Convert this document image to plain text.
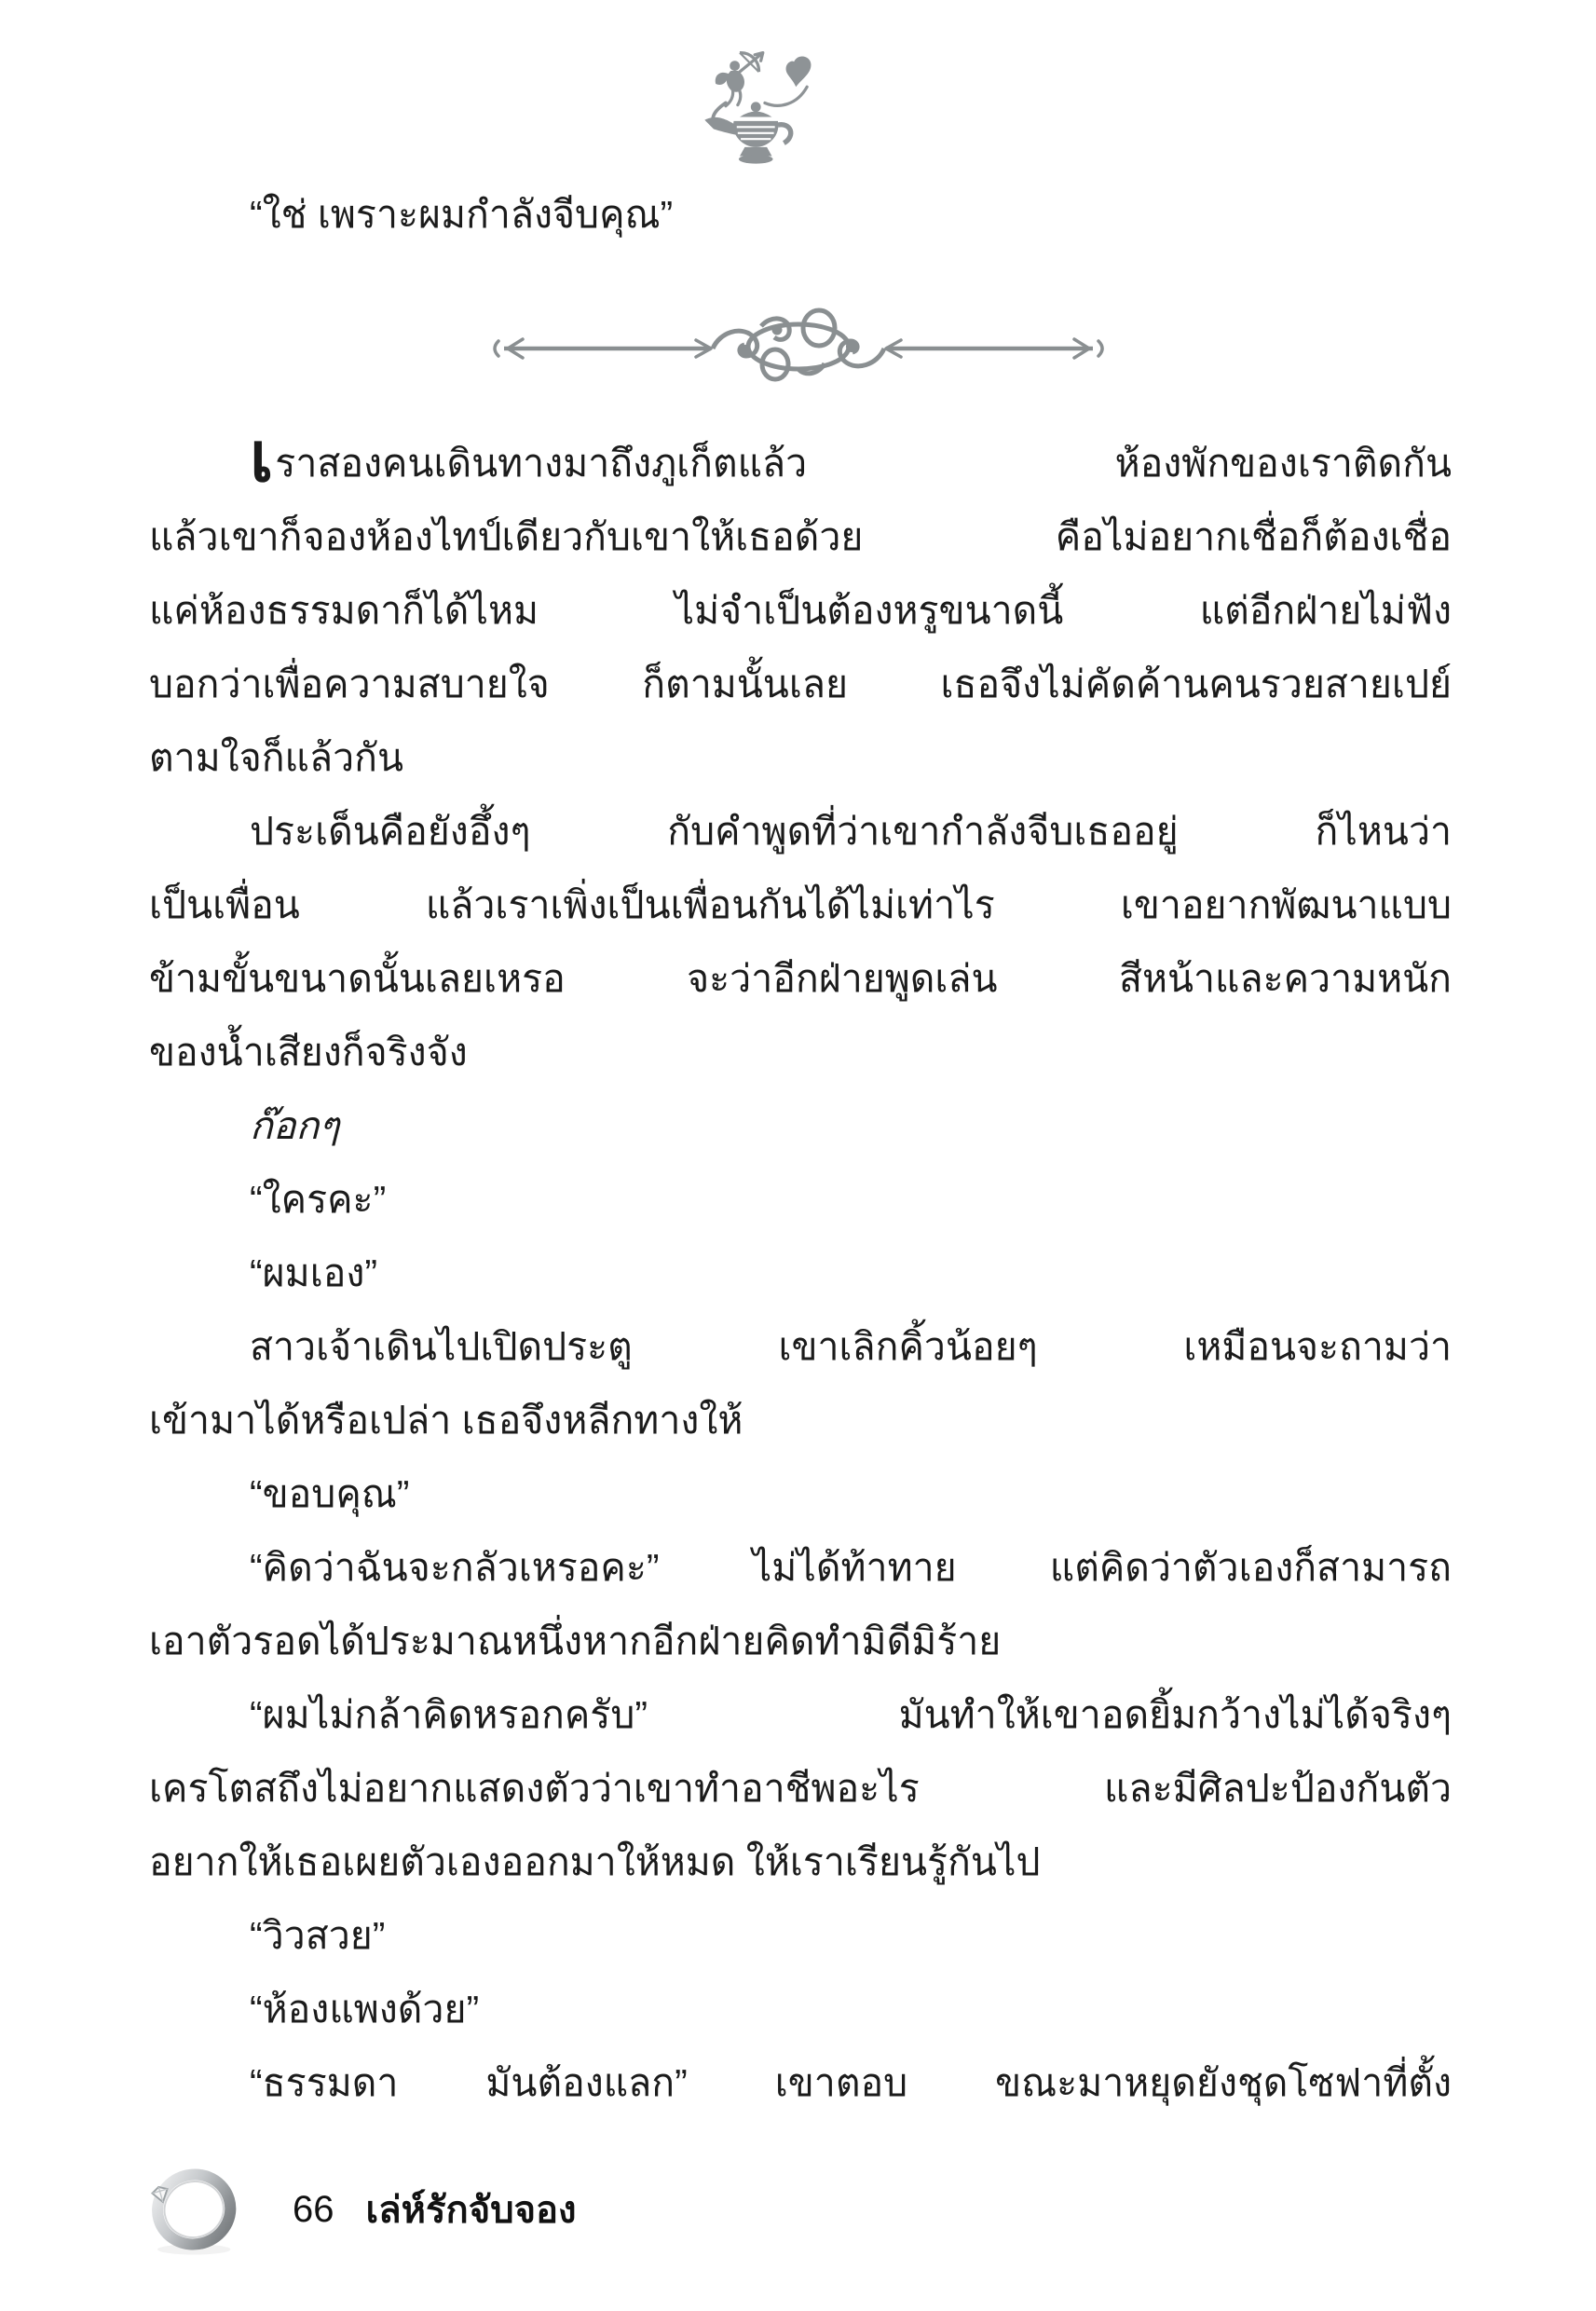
“ใช่ เพราะผมกำลังจีบคุณ”
เราสองคนเดินทางมาถึงภูเก็ตแล้ว ห้องพักของเราติดกัน
แล้วเขาก็จองห้องไทป์เดียวกับเขาให้เธอด้วย คือไม่อยากเชื่อก็ต้องเชื่อ
แค่ห้องธรรมดาก็ได้ไหม ไม่จำเป็นต้องหรูขนาดนี้ แต่อีกฝ่ายไม่ฟัง
บอกว่าเพื่อความสบายใจ ก็ตามนั้นเลย เธอจึงไม่คัดค้านคนรวยสายเปย์
ตามใจก็แล้วกัน
ประเด็นคือยังอึ้งๆ กับคำพูดที่ว่าเขากำลังจีบเธออยู่ ก็ไหนว่า
เป็นเพื่อน แล้วเราเพิ่งเป็นเพื่อนกันได้ไม่เท่าไร เขาอยากพัฒนาแบบ
ข้ามขั้นขนาดนั้นเลยเหรอ จะว่าอีกฝ่ายพูดเล่น สีหน้าและความหนัก
ของน้ำเสียงก็จริงจัง
ก๊อกๆ
“ใครคะ”
“ผมเอง”
สาวเจ้าเดินไปเปิดประตู เขาเลิกคิ้วน้อยๆ เหมือนจะถามว่า
เข้ามาได้หรือเปล่า เธอจึงหลีกทางให้
“ขอบคุณ”
“คิดว่าฉันจะกลัวเหรอคะ” ไม่ได้ท้าทาย แต่คิดว่าตัวเองก็สามารถ
เอาตัวรอดได้ประมาณหนึ่งหากอีกฝ่ายคิดทำมิดีมิร้าย
“ผมไม่กล้าคิดหรอกครับ” มันทำให้เขาอดยิ้มกว้างไม่ได้จริงๆ
เครโตสถึงไม่อยากแสดงตัวว่าเขาทำอาชีพอะไร และมีศิลปะป้องกันตัว
อยากให้เธอเผยตัวเองออกมาให้หมด ให้เราเรียนรู้กันไป
“วิวสวย”
“ห้องแพงด้วย”
“ธรรมดา มันต้องแลก” เขาตอบ ขณะมาหยุดยังชุดโซฟาที่ตั้ง
66 เล่ห์รักจับจอง
